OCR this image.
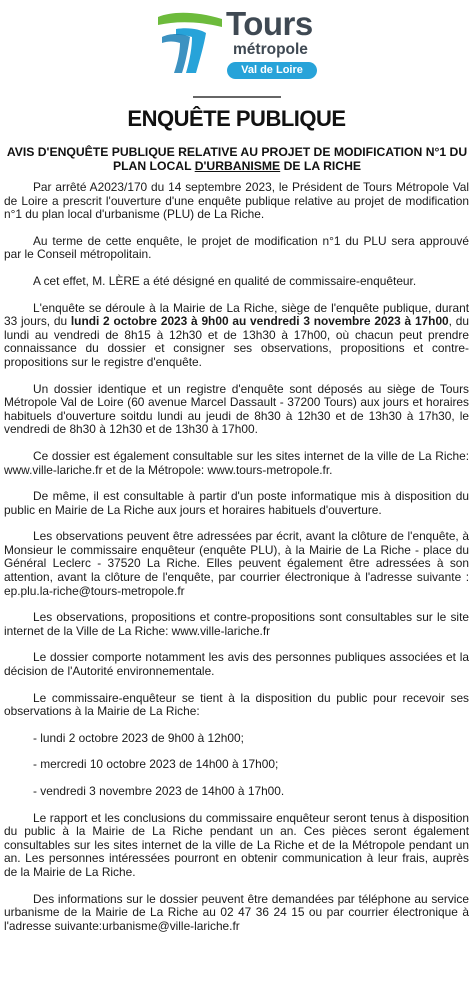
Tours
métropole
Val de Loire
ENQUÊTE PUBLIQUE
AVIS D'ENQUÊTE PUBLIQUE RELATIVE AU PROJET DE MODIFICATION N°1 DU PLAN LOCAL D'URBANISME DE LA RICHE

Par arrêté A2023/170 du 14 septembre 2023, le Président de Tours Métropole Val de Loire a prescrit l'ouverture d'une enquête publique relative au projet de modification n°1 du plan local d'urbanisme (PLU) de La Riche.

Au terme de cette enquête, le projet de modification n°1 du PLU sera approuvé par le Conseil métropolitain.

A cet effet, M. LÈRE a été désigné en qualité de commissaire-enquêteur.

L'enquête se déroule à la Mairie de La Riche, siège de l'enquête publique, durant 33 jours, du lundi 2 octobre 2023 à 9h00 au vendredi 3 novembre 2023 à 17h00, du lundi au vendredi de 8h15 à 12h30 et de 13h30 à 17h00, où chacun peut prendre connaissance du dossier et consigner ses observations, propositions et contre-propositions sur le registre d'enquête.

Un dossier identique et un registre d'enquête sont déposés au siège de Tours Métropole Val de Loire (60 avenue Marcel Dassault - 37200 Tours) aux jours et horaires habituels d'ouverture soitdu lundi au jeudi de 8h30 à 12h30 et de 13h30 à 17h30, le vendredi de 8h30 à 12h30 et de 13h30 à 17h00.

Ce dossier est également consultable sur les sites internet de la ville de La Riche: www.ville-lariche.fr et de la Métropole: www.tours-metropole.fr.

De même, il est consultable à partir d'un poste informatique mis à disposition du public en Mairie de La Riche aux jours et horaires habituels d'ouverture.

Les observations peuvent être adressées par écrit, avant la clôture de l'enquête, à Monsieur le commissaire enquêteur (enquête PLU), à la Mairie de La Riche - place du Général Leclerc - 37520 La Riche. Elles peuvent également être adressées à son attention, avant la clôture de l'enquête, par courrier électronique à l'adresse suivante : ep.plu.la-riche@tours-metropole.fr

Les observations, propositions et contre-propositions sont consultables sur le site internet de la Ville de La Riche: www.ville-lariche.fr

Le dossier comporte notamment les avis des personnes publiques associées et la décision de l'Autorité environnementale.

Le commissaire-enquêteur se tient à la disposition du public pour recevoir ses observations à la Mairie de La Riche:

- lundi 2 octobre 2023 de 9h00 à 12h00;

- mercredi 10 octobre 2023 de 14h00 à 17h00;

- vendredi 3 novembre 2023 de 14h00 à 17h00.

Le rapport et les conclusions du commissaire enquêteur seront tenus à disposition du public à la Mairie de La Riche pendant un an. Ces pièces seront également consultables sur les sites internet de la ville de La Riche et de la Métropole pendant un an. Les personnes intéressées pourront en obtenir communication à leur frais, auprès de la Mairie de La Riche.

Des informations sur le dossier peuvent être demandées par téléphone au service urbanisme de la Mairie de La Riche au 02 47 36 24 15 ou par courrier électronique à l'adresse suivante:urbanisme@ville-lariche.fr
